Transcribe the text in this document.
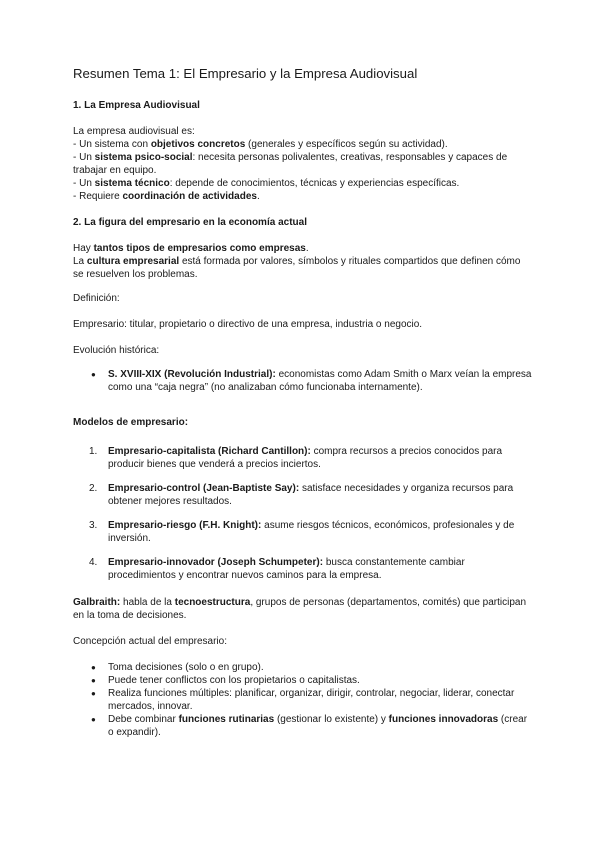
Resumen Tema 1: El Empresario y la Empresa Audiovisual
1. La Empresa Audiovisual

La empresa audiovisual es:

- Un sistema con objetivos concretos (generales y específicos según su actividad).

- Un sistema psico-social: necesita personas polivalentes, creativas, responsables y capaces de trabajar en equipo.

- Un sistema técnico: depende de conocimientos, técnicas y experiencias específicas.

- Requiere coordinación de actividades.

2. La figura del empresario en la economía actual

Hay tantos tipos de empresarios como empresas.

La cultura empresarial está formada por valores, símbolos y rituales compartidos que definen cómo se resuelven los problemas.

Definición:

Empresario: titular, propietario o directivo de una empresa, industria o negocio.

Evolución histórica:

● S. XVIII-XIX (Revolución Industrial): economistas como Adam Smith o Marx veían la empresa como una “caja negra” (no analizaban cómo funcionaba internamente).

Modelos de empresario:

1. Empresario-capitalista (Richard Cantillon): compra recursos a precios conocidos para producir bienes que venderá a precios inciertos.
2. Empresario-control (Jean-Baptiste Say): satisface necesidades y organiza recursos para obtener mejores resultados.
3. Empresario-riesgo (F.H. Knight): asume riesgos técnicos, económicos, profesionales y de inversión.
4. Empresario-innovador (Joseph Schumpeter): busca constantemente cambiar procedimientos y encontrar nuevos caminos para la empresa.

Galbraith: habla de la tecnoestructura, grupos de personas (departamentos, comités) que participan en la toma de decisiones.

Concepción actual del empresario:

● Toma decisiones (solo o en grupo).
● Puede tener conflictos con los propietarios o capitalistas.
● Realiza funciones múltiples: planificar, organizar, dirigir, controlar, negociar, liderar, conectar mercados, innovar.
● Debe combinar funciones rutinarias (gestionar lo existente) y funciones innovadoras (crear o expandir).
